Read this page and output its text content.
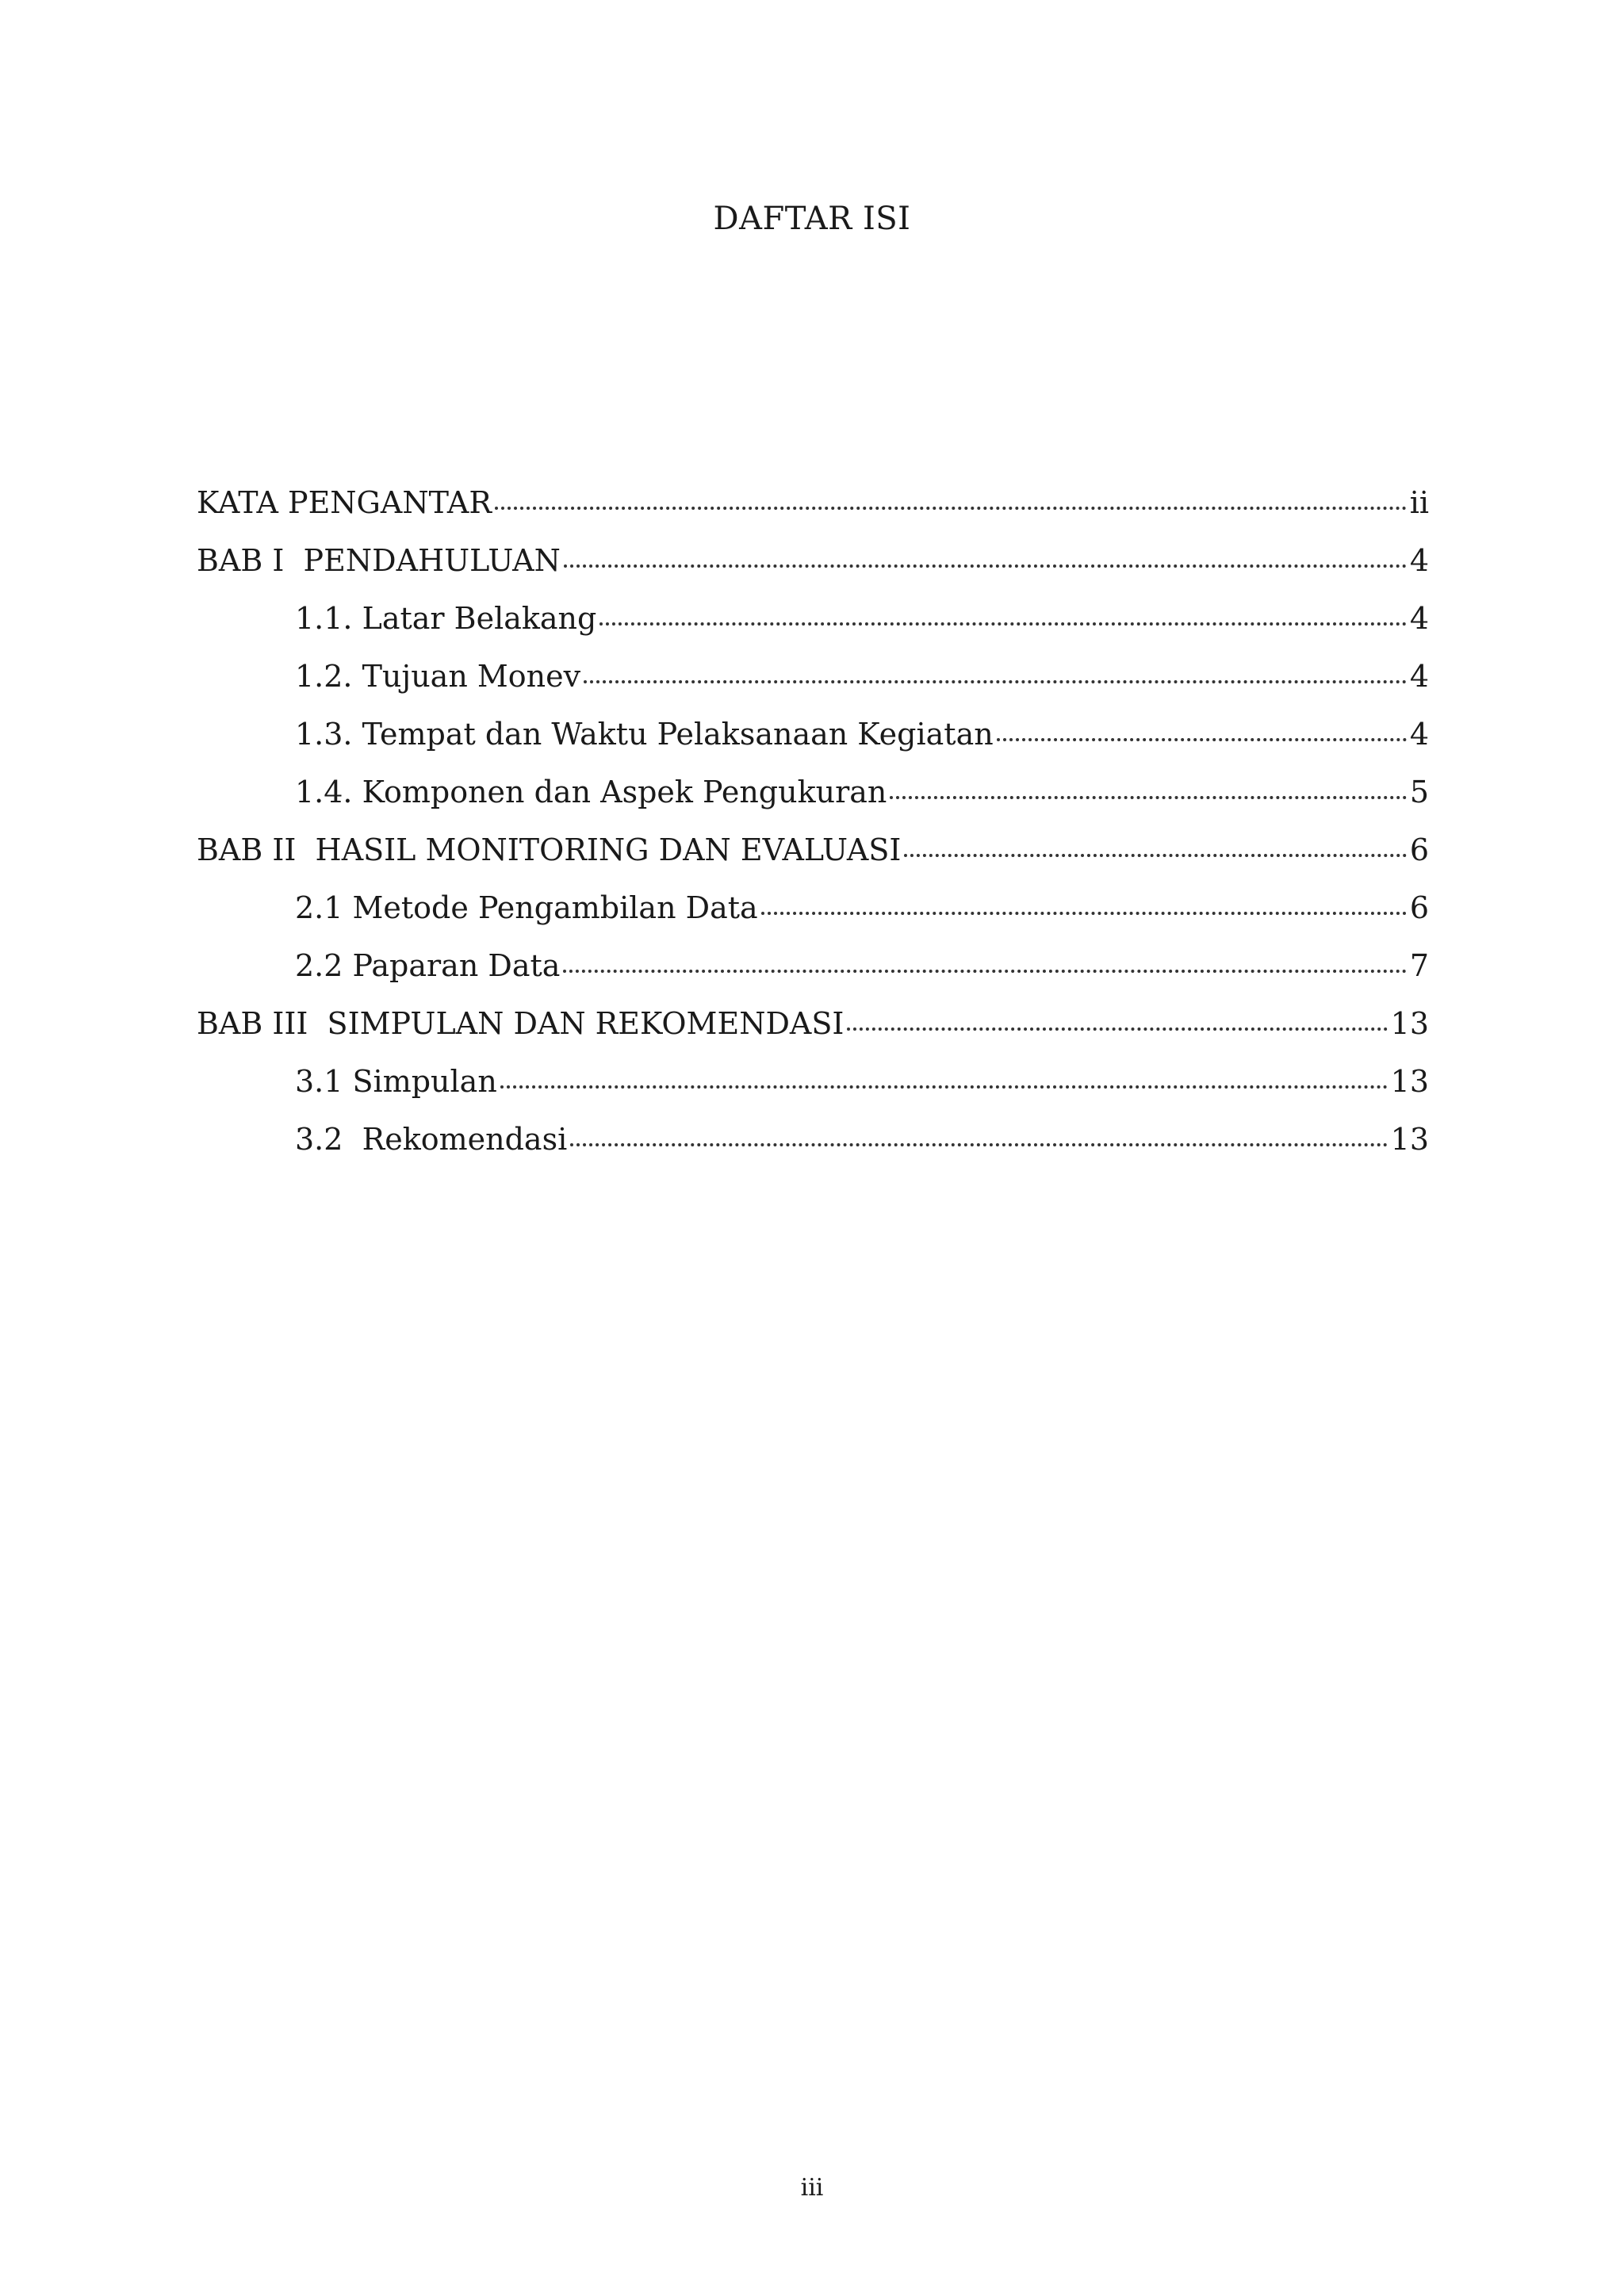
DAFTAR ISI
KATA PENGANTAR	ii
BAB I  PENDAHULUAN	4
1.1. Latar Belakang	4
1.2. Tujuan Monev	4
1.3. Tempat dan Waktu Pelaksanaan Kegiatan	4
1.4. Komponen dan Aspek Pengukuran	5
BAB II  HASIL MONITORING DAN EVALUASI	6
2.1 Metode Pengambilan Data	6
2.2 Paparan Data	7
BAB III  SIMPULAN DAN REKOMENDASI	13
3.1 Simpulan	13
3.2  Rekomendasi	13
iii
